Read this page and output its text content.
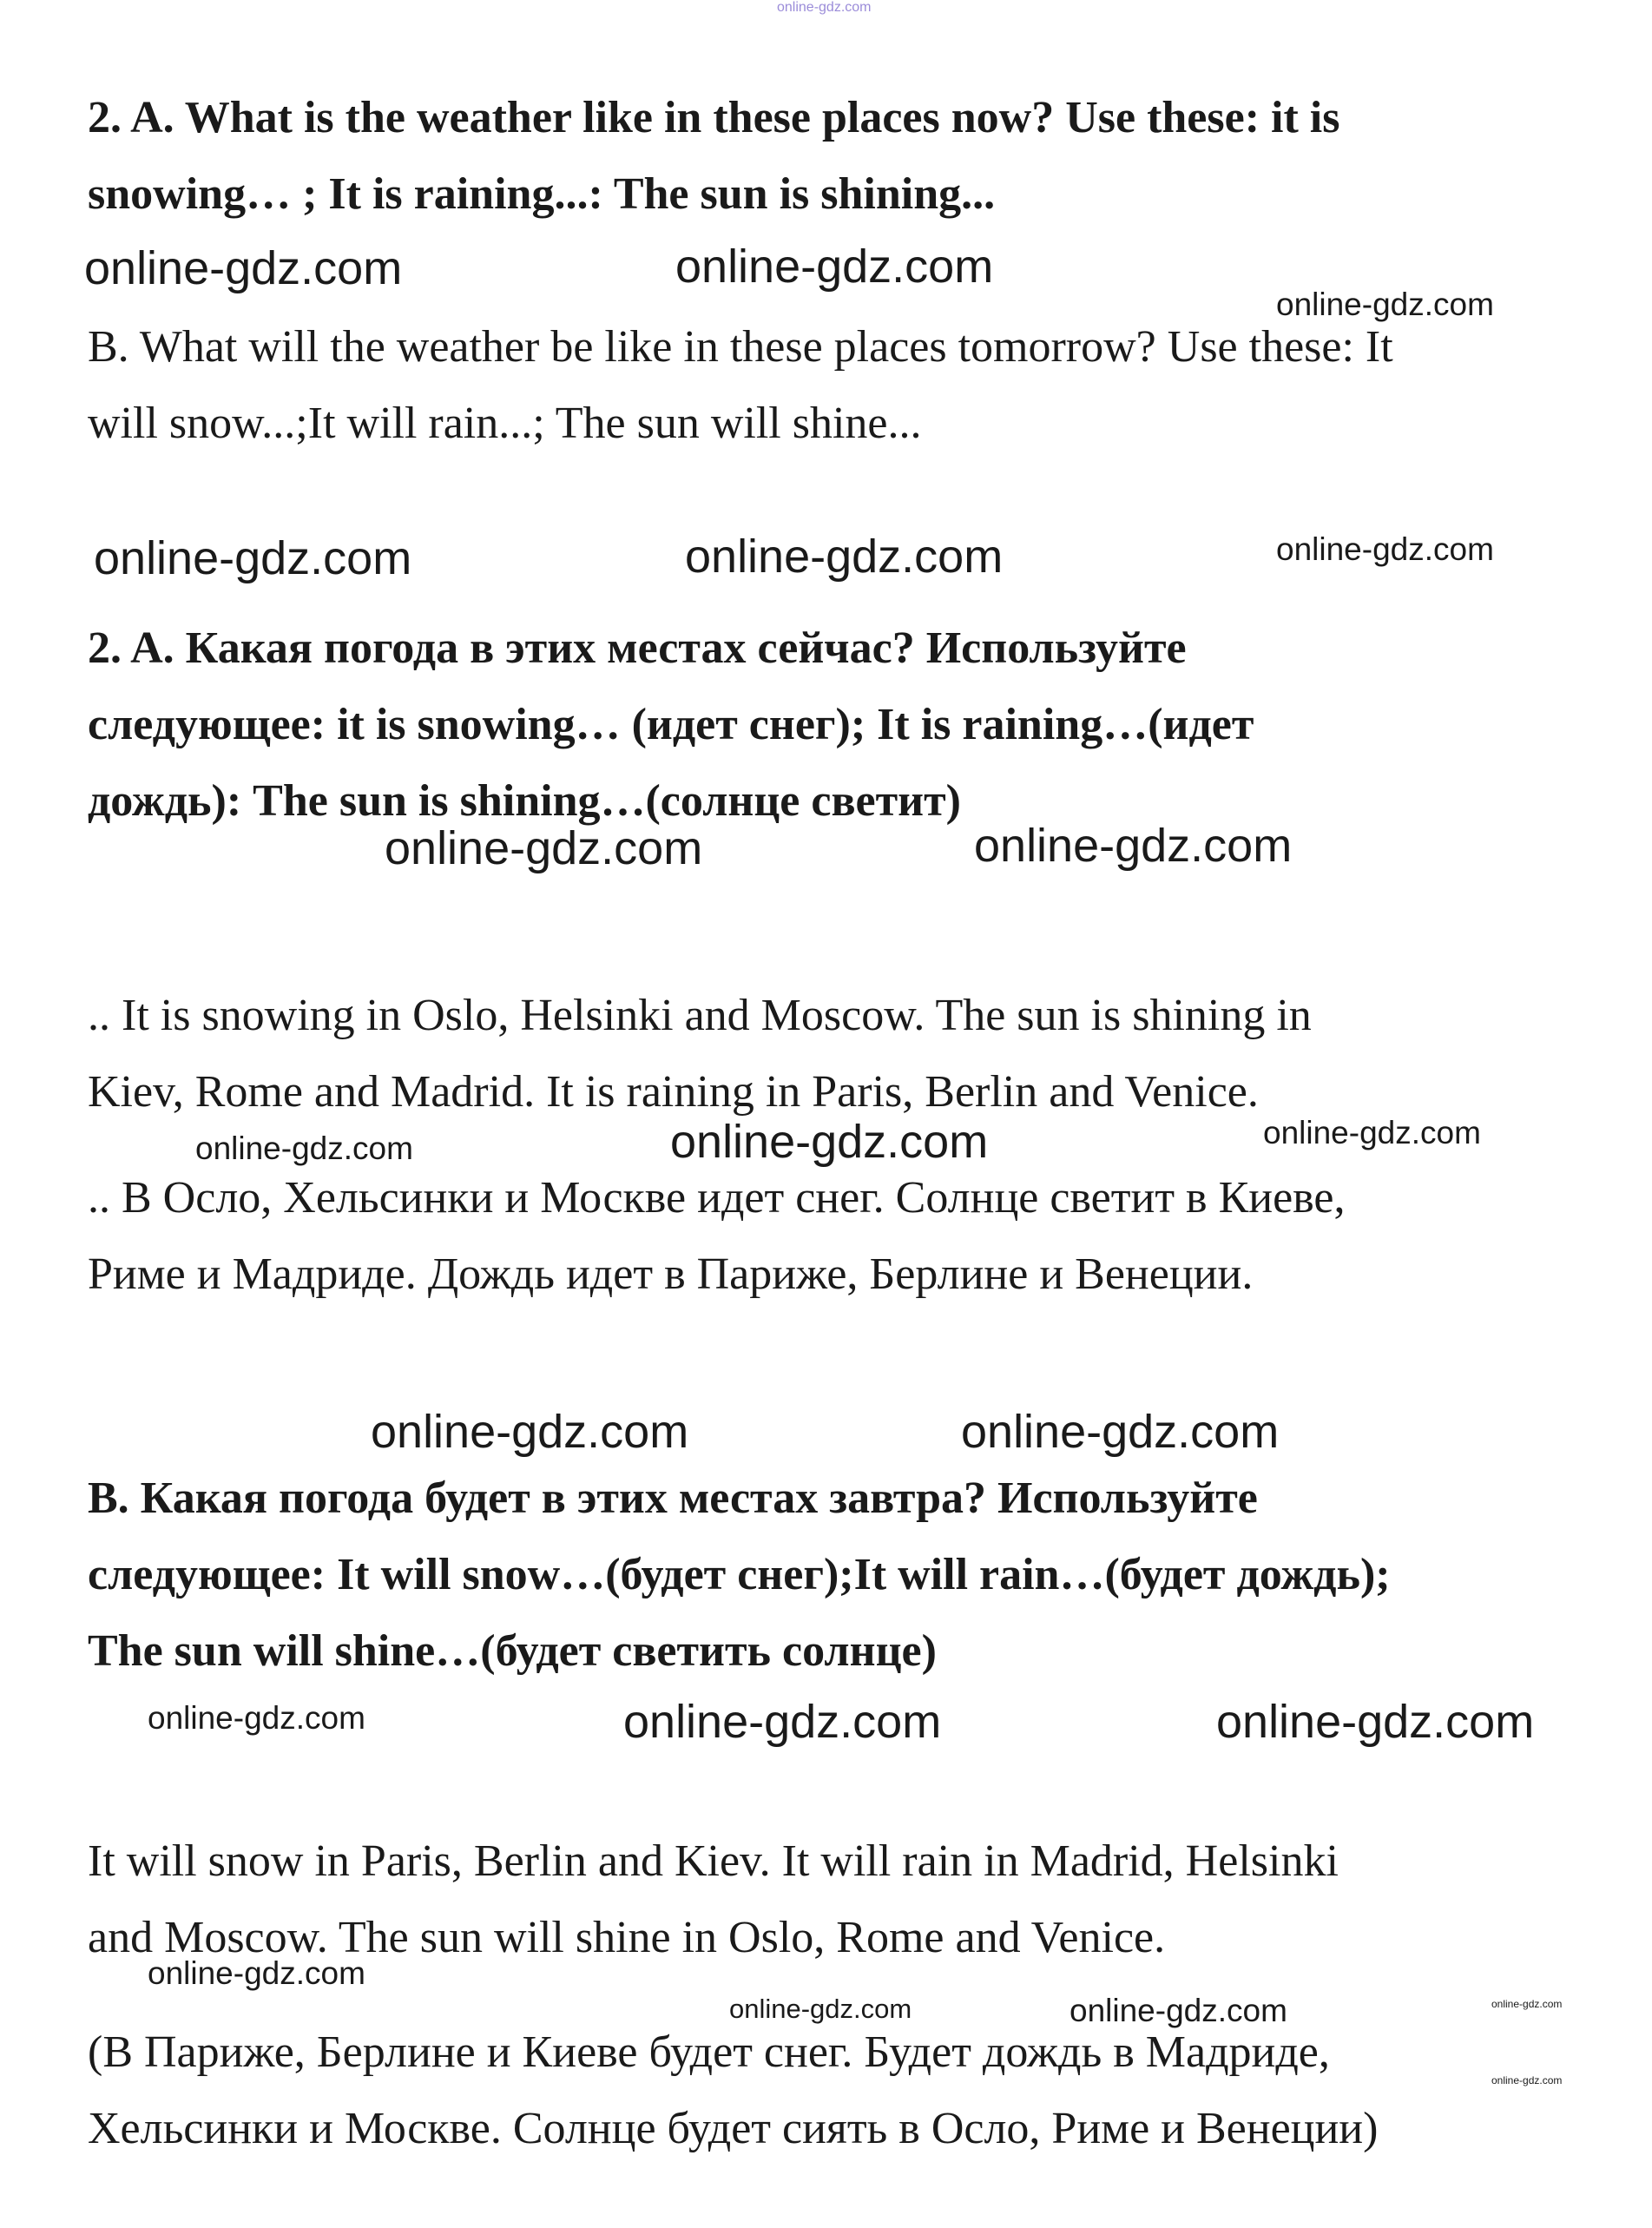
online-gdz.com

2. A. What is the weather like in these places now? Use these: it is

snowing… ; It is raining...: The sun is shining...

online-gdz.com	online-gdz.com
online-gdz.com

B. What will the weather be like in these places tomorrow? Use these: It

will snow...;It will rain...; The sun will shine...

online-gdz.com	online-gdz.com	online-gdz.com

2. A. Какая погода в этих местах сейчас? Используйте

следующее: it is snowing… (идет снег); It is raining…(идет

дождь): The sun is shining…(солнце светит)

online-gdz.com	online-gdz.com

.. It is snowing in Oslo, Helsinki and Moscow. The sun is shining in

Kiev, Rome and Madrid. It is raining in Paris, Berlin and Venice.

online-gdz.com	online-gdz.com	online-gdz.com

.. В Осло, Хельсинки и Москве идет снег. Солнце светит в Киеве,

Риме и Мадриде. Дождь идет в Париже, Берлине и Венеции.

online-gdz.com	online-gdz.com

B. Какая погода будет в этих местах завтра? Используйте

следующее: It will snow…(будет снег);It will rain…(будет дождь);

The sun will shine…(будет светить солнце)

online-gdz.com	online-gdz.com	online-gdz.com

It will snow in Paris, Berlin and Kiev. It will rain in Madrid, Helsinki

and Moscow. The sun will shine in Oslo, Rome and Venice.

online-gdz.com
online-gdz.com	online-gdz.com	online-gdz.com
online-gdz.com

(В Париже, Берлине и Киеве будет снег. Будет дождь в Мадриде,

Хельсинки и Москве. Солнце будет сиять в Осло, Риме и Венеции)
